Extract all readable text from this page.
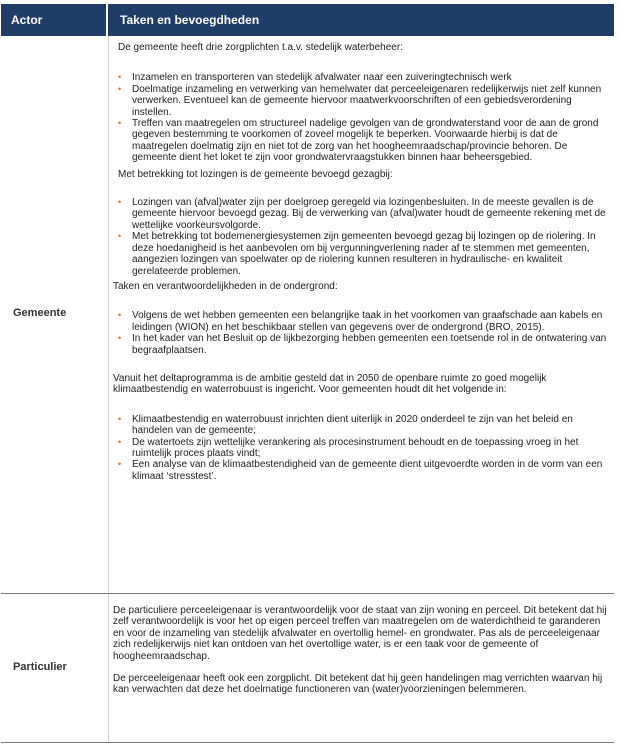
Actor	Taken en bevoegdheden
Gemeente

De gemeente heeft drie zorgplichten t.a.v. stedelijk waterbeheer:

• Inzamelen en transporteren van stedelijk afvalwater naar een zuiveringtechnisch werk
• Doelmatige inzameling en verwerking van hemelwater dat perceeleigenaren redelijkerwijs niet zelf kunnen verwerken. Eventueel kan de gemeente hiervoor maatwerkvoorschriften of een gebiedsverordening instellen.
• Treffen van maatregelen om structureel nadelige gevolgen van de grondwaterstand voor de aan de grond gegeven bestemming te voorkomen of zoveel mogelijk te beperken. Voorwaarde hierbij is dat de maatregelen doelmatig zijn en niet tot de zorg van het hoogheemraadschap/provincie behoren. De gemeente dient het loket te zijn voor grondwatervraagstukken binnen haar beheersgebied.

Met betrekking tot lozingen is de gemeente bevoegd gezagbij:

• Lozingen van (afval)water zijn per doelgroep geregeld via lozingenbesluiten. In de meeste gevallen is de gemeente hiervoor bevoegd gezag. Bij de verwerking van (afval)water houdt de gemeente rekening met de wettelijke voorkeursvolgorde.
• Met betrekking tot bodemenergiesystemen zijn gemeenten bevoegd gezag bij lozingen op de riolering. In deze hoedanigheid is het aanbevolen om bij vergunningverlening nader af te stemmen met gemeenten, aangezien lozingen van spoelwater op de riolering kunnen resulteren in hydraulische- en kwaliteit gerelateerde problemen.

Taken en verantwoordelijkheden in de ondergrond:

• Volgens de wet hebben gemeenten een belangrijke taak in het voorkomen van graafschade aan kabels en leidingen (WION) en het beschikbaar stellen van gegevens over de ondergrond (BRO, 2015).
• In het kader van het Besluit op de lijkbezorging hebben gemeenten een toetsende rol in de ontwatering van begraafplaatsen.

Vanuit het deltaprogramma is de ambitie gesteld dat in 2050 de openbare ruimte zo goed mogelijk klimaatbestendig en waterrobuust is ingericht. Voor gemeenten houdt dit het volgende in:

• Klimaatbestendig en waterrobuust inrichten dient uiterlijk in 2020 onderdeel te zijn van het beleid en handelen van de gemeente;
• De watertoets zijn wettelijke verankering als procesinstrument behoudt en de toepassing vroeg in het ruimtelijk proces plaats vindt;
• Een analyse van de klimaatbestendigheid van de gemeente dient uitgevoerdte worden in de vorm van een klimaat ‘stresstest’.
Particulier

De particuliere perceeleigenaar is verantwoordelijk voor de staat van zijn woning en perceel. Dit betekent dat hij zelf verantwoordelijk is voor het op eigen perceel treffen van maatregelen om de waterdichtheid te garanderen en voor de inzameling van stedelijk afvalwater en overtollig hemel- en grondwater. Pas als de perceeleigenaar zich redelijkerwijs niet kan ontdoen van het overtollige water, is er een taak voor de gemeente of hoogheemraadschap.

De perceeleigenaar heeft ook een zorgplicht. Dit betekent dat hij geen handelingen mag verrichten waarvan hij kan verwachten dat deze het doelmatige functioneren van (water)voorzieningen belemmeren.
